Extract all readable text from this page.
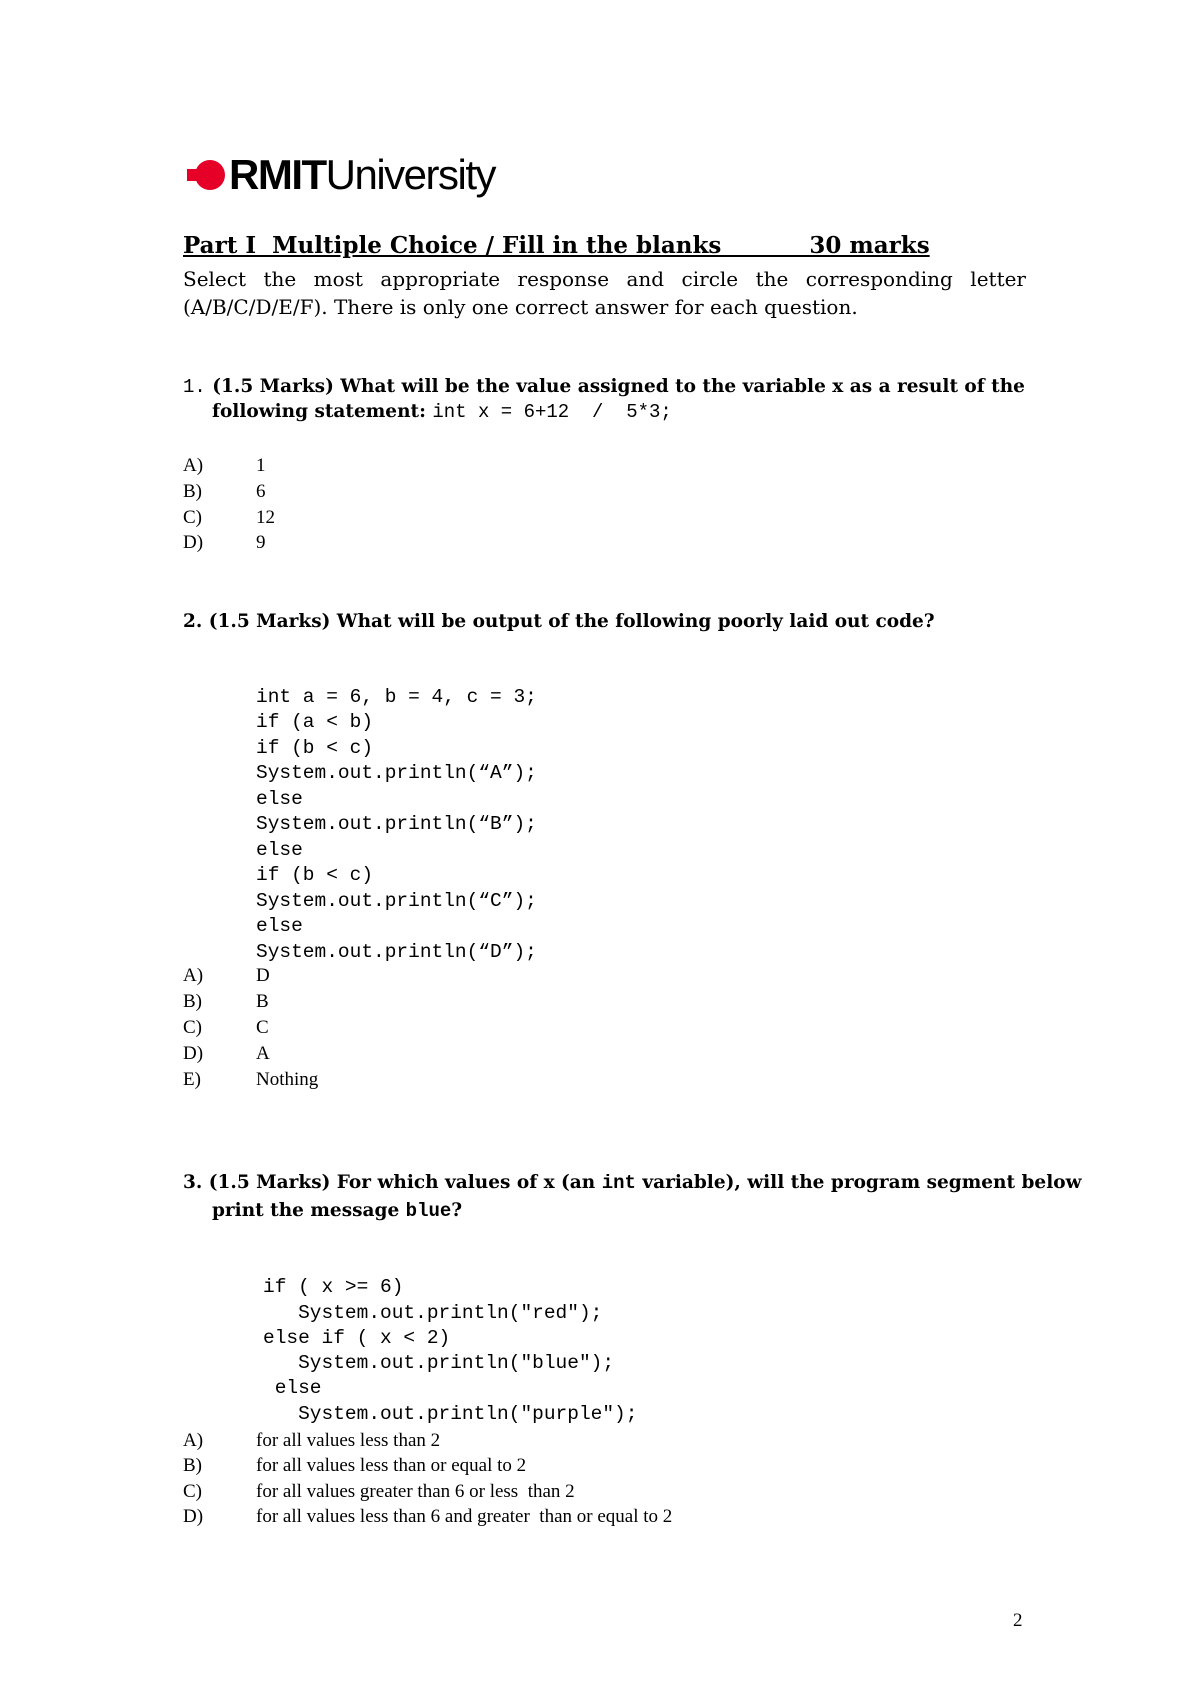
RMITUniversity
Part I  Multiple Choice / Fill in the blanks           30 marks
Select the most appropriate response and circle the corresponding letter (A/B/C/D/E/F). There is only one correct answer for each question.
1. (1.5 Marks) What will be the value assigned to the variable x as a result of the
following statement: int x = 6+12  /  5*3;
A)	1
B)	6
C)	12
D)	9
2. (1.5 Marks) What will be output of the following poorly laid out code?

int a = 6, b = 4, c = 3;
if (a < b)
if (b < c)
System.out.println(“A”);
else
System.out.println(“B”);
else
if (b < c)
System.out.println(“C”);
else
System.out.println(“D”);

A)	D
B)	B
C)	C
D)	A
E)	Nothing
3. (1.5 Marks) For which values of x (an int variable), will the program segment below
print the message blue?

if ( x >= 6)
System.out.println("red");
else if ( x < 2)
System.out.println("blue");
else
System.out.println("purple");

A)	for all values less than 2
B)	for all values less than or equal to 2
C)	for all values greater than 6 or less  than 2
D)	for all values less than 6 and greater  than or equal to 2
2
